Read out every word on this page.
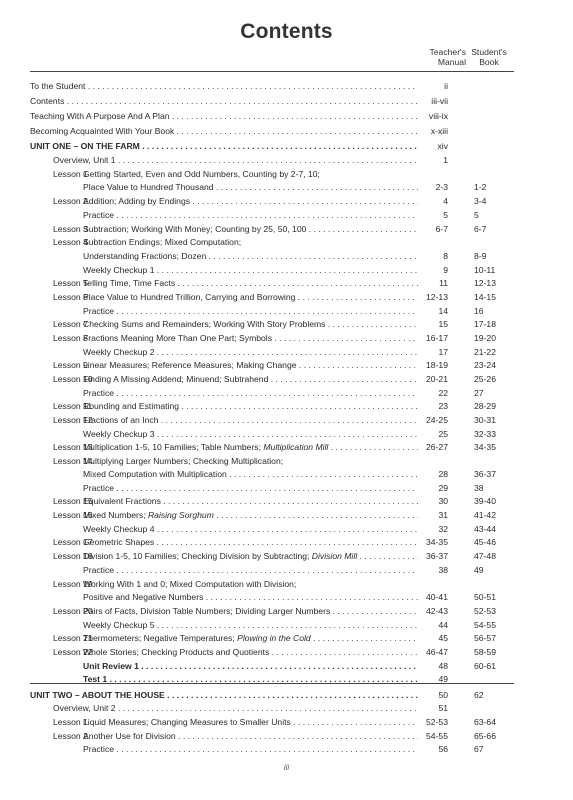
Contents
Teacher's
Manual
Student's
Book
To the Student . . .	ii
Contents . . .	iii-vii
Teaching With A Purpose And A Plan . . .	viii-ix
Becoming Acquainted With Your Book . . .	x-xiii
UNIT ONE – ON THE FARM . . .	xiv
Overview, Unit 1 . . .	1
Lesson 1
Getting Started, Even and Odd Numbers, Counting by 2-7, 10;
Place Value to Hundred Thousand . . .	2-3	1-2
Lesson 2
Addition; Adding by Endings . . .	4	3-4
Practice . . .	5	5
Lesson 3
Subtraction; Working With Money; Counting by 25, 50, 100 . . .	6-7	6-7
Lesson 4
Subtraction Endings; Mixed Computation;
Understanding Fractions; Dozen . . .	8	8-9
Weekly Checkup 1 . . .	9	10-11
Lesson 5
Telling Time, Time Facts . . .	11	12-13
Lesson 6
Place Value to Hundred Trillion, Carrying and Borrowing . . .	12-13	14-15
Practice . . .	14	16
Lesson 7
Checking Sums and Remainders; Working With Story Problems . . .	15	17-18
Lesson 8
Fractions Meaning More Than One Part; Symbols . . .	16-17	19-20
Weekly Checkup 2 . . .	17	21-22
Lesson 9
Linear Measures; Reference Measures; Making Change . . .	18-19	23-24
Lesson 10
Finding A Missing Addend; Minuend; Subtrahend . . .	20-21	25-26
Practice . . .	22	27
Lesson 11
Rounding and Estimating . . .	23	28-29
Lesson 12
Fractions of an Inch . . .	24-25	30-31
Weekly Checkup 3 . . .	25	32-33
Lesson 13
Multiplication 1-5, 10 Families; Table Numbers; Multiplication Mill . . .	26-27	34-35
Lesson 14
Multiplying Larger Numbers; Checking Multiplication;
Mixed Computation with Multiplication . . .	28	36-37
Practice . . .	29	38
Lesson 15
Equivalent Fractions . . .	30	39-40
Lesson 16
Mixed Numbers; Raising Sorghum . . .	31	41-42
Weekly Checkup 4 . . .	32	43-44
Lesson 17
Geometric Shapes . . .	34-35	45-46
Lesson 18
Division 1-5, 10 Families; Checking Division by Subtracting; Division Mill . . .	36-37	47-48
Practice . . .	38	49
Lesson 19
Working With 1 and 0; Mixed Computation with Division;
Positive and Negative Numbers . . .	40-41	50-51
Lesson 20
Pairs of Facts, Division Table Numbers; Dividing Larger Numbers . . .	42-43	52-53
Weekly Checkup 5 . . .	44	54-55
Lesson 21
Thermometers; Negative Temperatures; Plowing in the Cold . . .	45	56-57
Lesson 22
Whole Stories; Checking Products and Quotients . . .	46-47	58-59
Unit Review 1 . . .	48	60-61
Test 1 . . .	49
UNIT TWO – ABOUT THE HOUSE . . .	50	62
Overview, Unit 2 . . .	51
Lesson 1
Liquid Measures; Changing Measures to Smaller Units . . .	52-53	63-64
Lesson 2
Another Use for Division . . .	54-55	65-66
Practice . . .	56	67
iii
